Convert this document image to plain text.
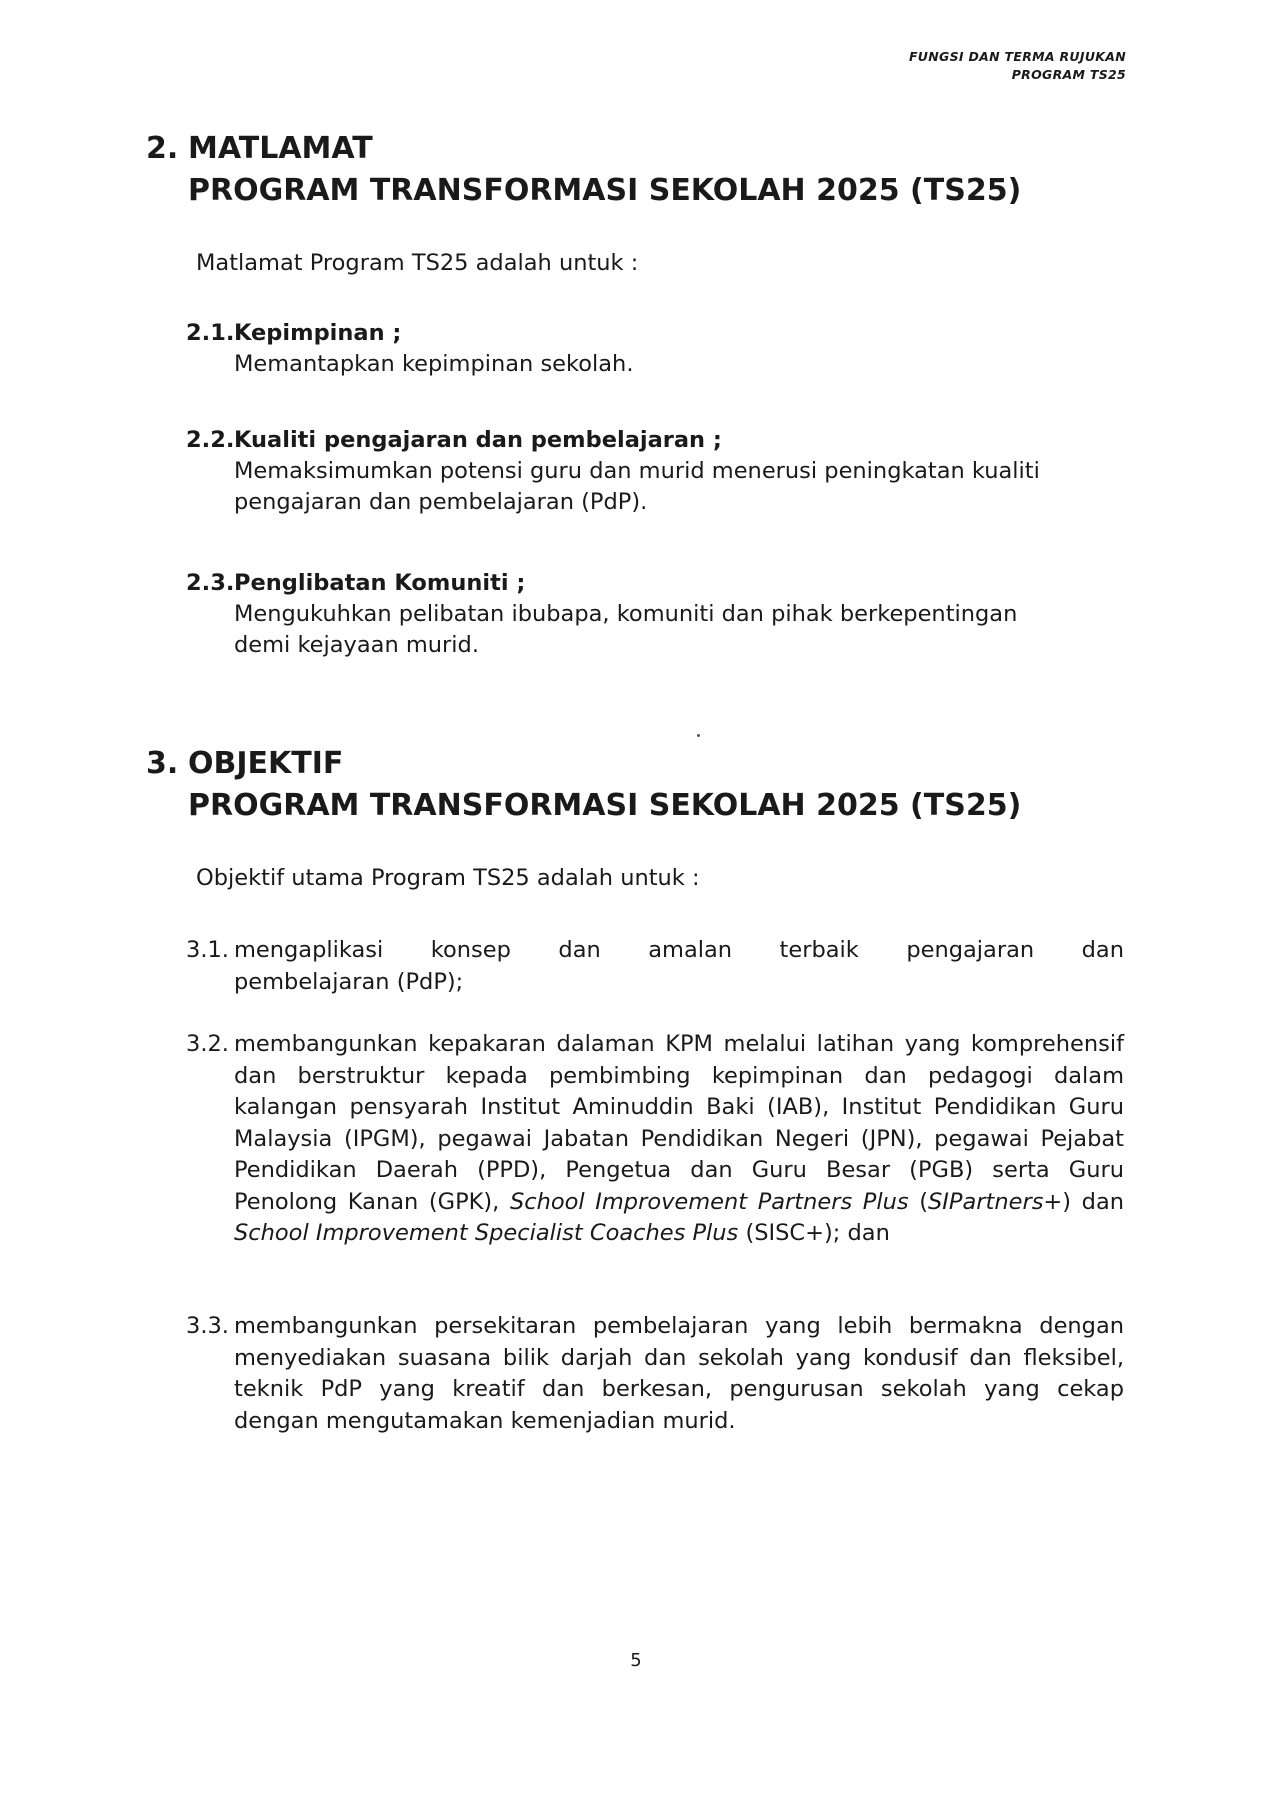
FUNGSI DAN TERMA RUJUKAN
PROGRAM TS25
2. MATLAMAT
PROGRAM TRANSFORMASI SEKOLAH 2025 (TS25)
Matlamat Program TS25 adalah untuk :
2.1.Kepimpinan ;
Memantapkan kepimpinan sekolah.
2.2.Kualiti pengajaran dan pembelajaran ;
Memaksimumkan potensi guru dan murid menerusi peningkatan kualiti
pengajaran dan pembelajaran (PdP).
2.3.Penglibatan Komuniti ;
Mengukuhkan pelibatan ibubapa, komuniti dan pihak berkepentingan
demi kejayaan murid.
3. OBJEKTIF
PROGRAM TRANSFORMASI SEKOLAH 2025 (TS25)
Objektif utama Program TS25 adalah untuk :
3.1. mengaplikasi konsep dan amalan terbaik pengajaran dan
pembelajaran (PdP);
3.2. membangunkan kepakaran dalaman KPM melalui latihan yang komprehensif dan berstruktur kepada pembimbing kepimpinan dan pedagogi dalam kalangan pensyarah Institut Aminuddin Baki (IAB), Institut Pendidikan Guru Malaysia (IPGM), pegawai Jabatan Pendidikan Negeri (JPN), pegawai Pejabat Pendidikan Daerah (PPD), Pengetua dan Guru Besar (PGB) serta Guru Penolong Kanan (GPK), School Improvement Partners Plus (SIPartners+) dan School Improvement Specialist Coaches Plus (SISC+); dan
3.3. membangunkan persekitaran pembelajaran yang lebih bermakna dengan menyediakan suasana bilik darjah dan sekolah yang kondusif dan fleksibel, teknik PdP yang kreatif dan berkesan, pengurusan sekolah yang cekap dengan mengutamakan kemenjadian murid.
5
